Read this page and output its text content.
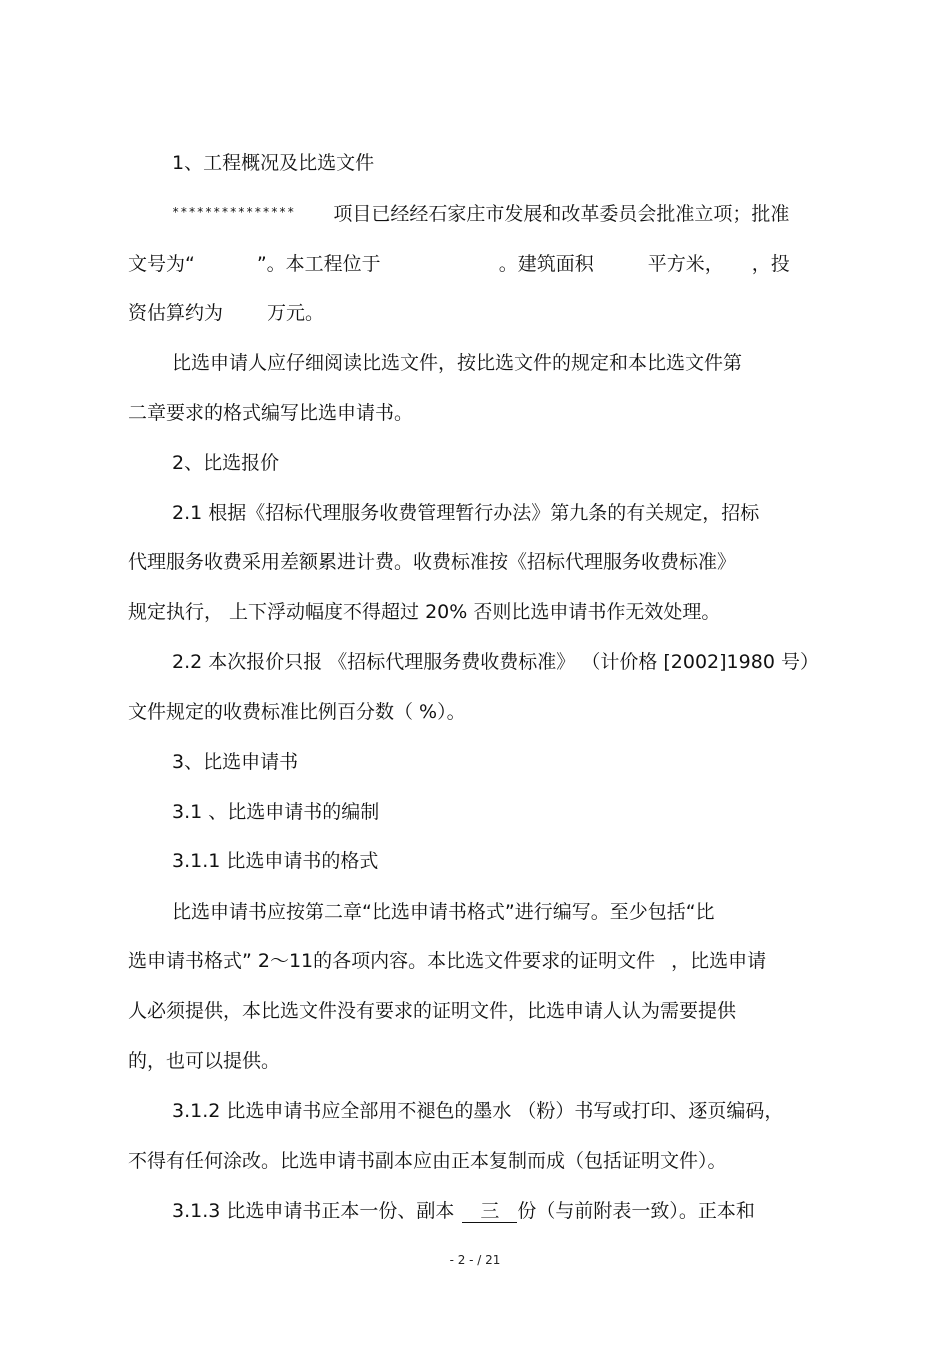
1、工程概况及比选文件
*************** 项目已经经石家庄市发展和改革委员会批准立项；批准
文号为“	”。本工程位于	。建筑面积	平方米， ，投
资估算约为 万元。
比选申请人应仔细阅读比选文件，按比选文件的规定和本比选文件第
二章要求的格式编写比选申请书。
2、比选报价
2.1 根据《招标代理服务收费管理暂行办法》第九条的有关规定，招标
代理服务收费采用差额累进计费。收费标准按《招标代理服务收费标准》
规定执行， 上下浮动幅度不得超过 20% 否则比选申请书作无效处理。
2.2 本次报价只报 《招标代理服务费收费标准》 （计价格 [2002]1980 号）
文件规定的收费标准比例百分数（ %）。
3、比选申请书
3.1 、比选申请书的编制
3.1.1 比选申请书的格式
比选申请书应按第二章“比选申请书格式”进行编写。至少包括“比
选申请书格式” 2～11的各项内容。本比选文件要求的证明文件 ，比选申请
人必须提供，本比选文件没有要求的证明文件，比选申请人认为需要提供
的，也可以提供。
3.1.2 比选申请书应全部用不褪色的墨水 （粉）书写或打印、逐页编码，
不得有任何涂改。比选申请书副本应由正本复制而成（包括证明文件）。
3.1.3 比选申请书正本一份、副本 三 份（与前附表一致）。正本和
- 2 - / 21
